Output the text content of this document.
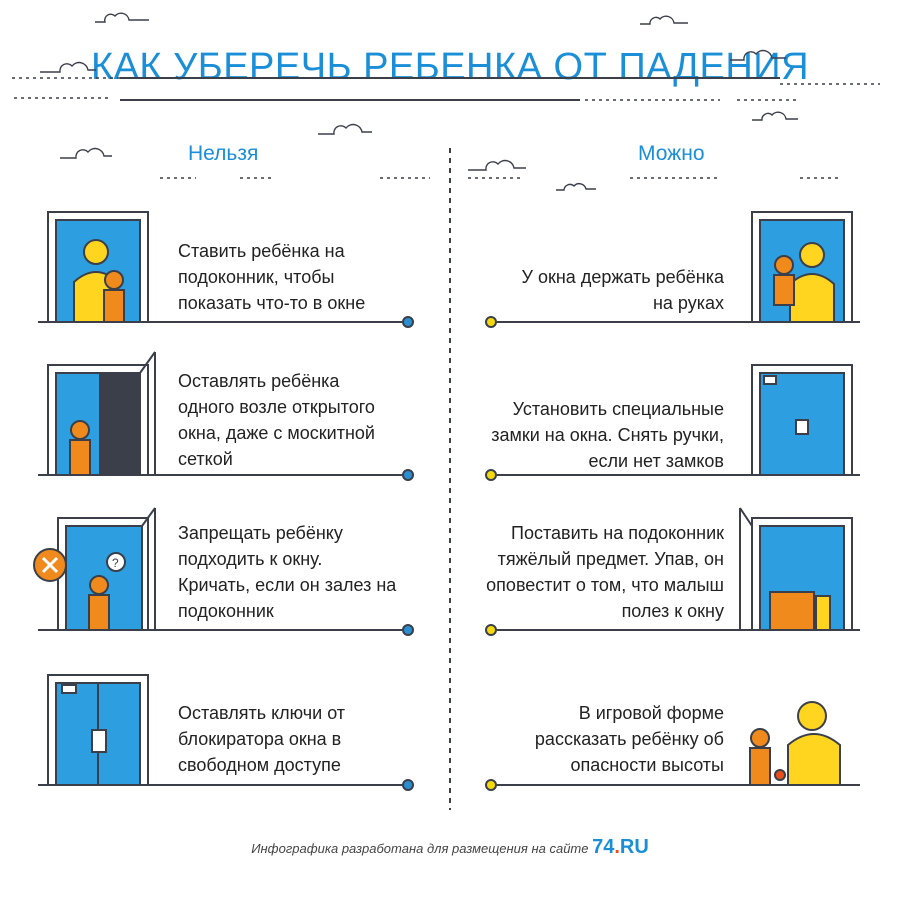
КАК УБЕРЕЧЬ РЕБЕНКА ОТ ПАДЕНИЯ
Нельзя	Можно
?
Ставить ребёнка на подоконник, чтобы показать что-то в окне
Оставлять ребёнка одного возле открытого окна, даже с москитной сеткой
Запрещать ребёнку подходить к окну. Кричать, если он залез на подоконник
Оставлять ключи от блокиратора окна в свободном доступе
У окна держать ребёнка на руках
Установить специальные замки на окна. Снять ручки, если нет замков
Поставить на подоконник тяжёлый предмет. Упав, он оповестит о том, что малыш полез к окну
В игровой форме рассказать ребёнку об опасности высоты
Инфографика разработана для размещения на сайте 74.RU
